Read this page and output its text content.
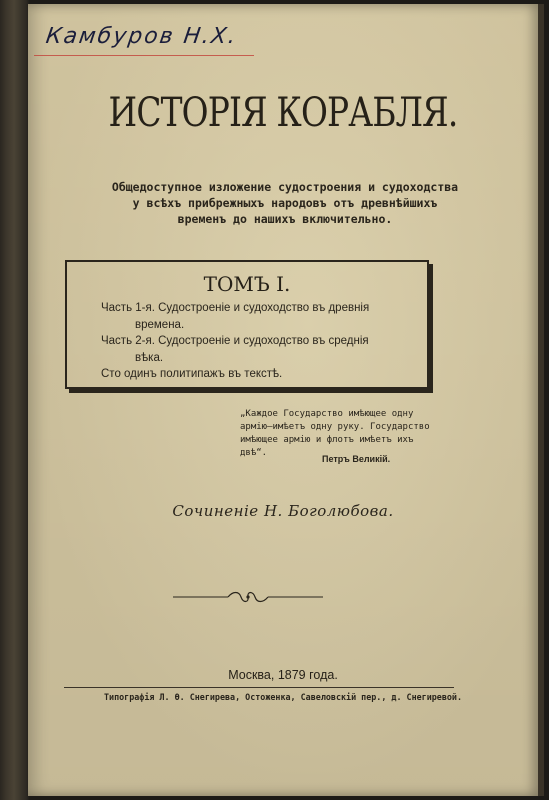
Камбуров Н.Х.
ИСТОРІЯ КОРАБЛЯ.
Общедоступное изложение судостроения и судоходства
у всѣхъ прибрежныхъ народовъ отъ древнѣйшихъ
временъ до нашихъ включительно.
ТОМЪ I.
Часть 1-я. Судостроеніе и судоходство въ древнія
времена.
Часть 2-я. Судостроеніе и судоходство въ среднія
вѣка.
Сто одинъ политипажъ въ текстѣ.
„Каждое Государство имѣющее одну
армію—имѣетъ одну руку. Государство
имѣющее армію и флотъ имѣетъ ихъ
двѣ“.
Петръ Великій.
Сочиненіе Н. Боголюбова.
Москва, 1879 года.
Типографія Л. Ѳ. Снегирева, Остоженка, Савеловскій пер., д. Снегиревой.
